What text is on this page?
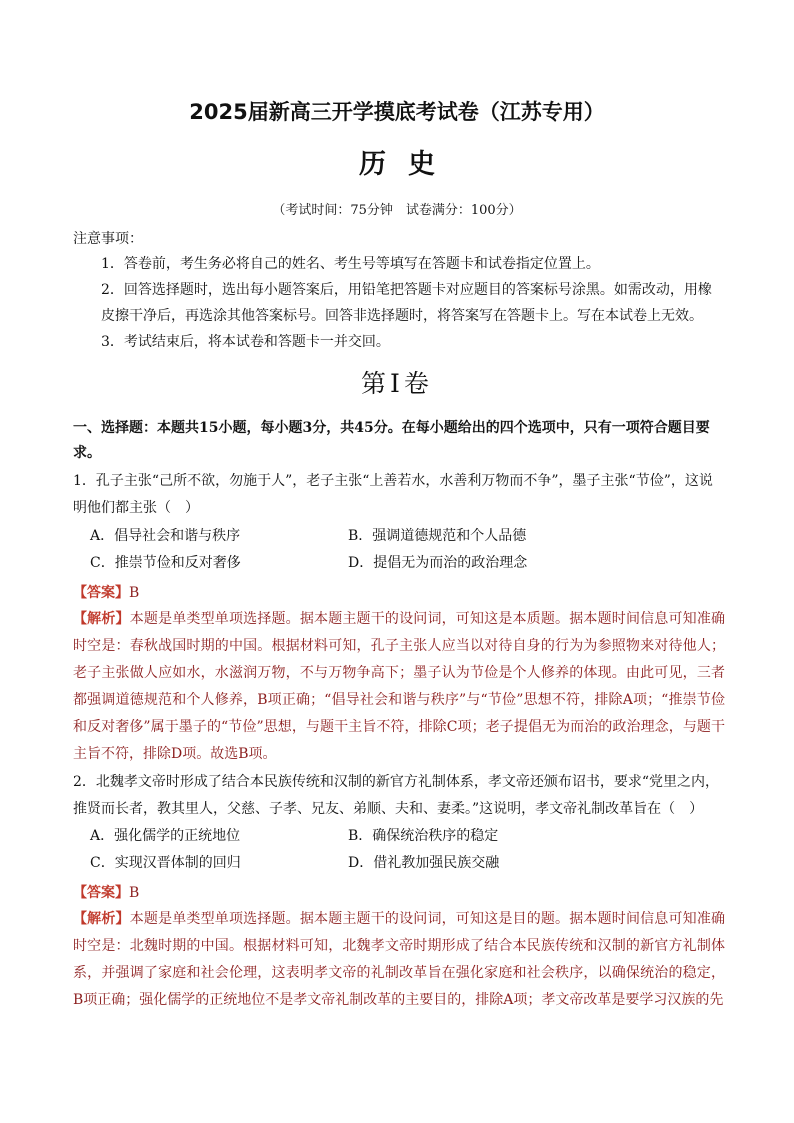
2025届新高三开学摸底考试卷（江苏专用）
历史
（考试时间：75分钟　试卷满分：100分）
注意事项：
1．答卷前，考生务必将自己的姓名、考生号等填写在答题卡和试卷指定位置上。
2．回答选择题时，选出每小题答案后，用铅笔把答题卡对应题目的答案标号涂黑。如需改动，用橡皮擦干净后，再选涂其他答案标号。回答非选择题时，将答案写在答题卡上。写在本试卷上无效。
3．考试结束后，将本试卷和答题卡一并交回。
第Ⅰ卷
一、选择题：本题共15小题，每小题3分，共45分。在每小题给出的四个选项中，只有一项符合题目要求。
1．孔子主张“己所不欲，勿施于人”，老子主张“上善若水，水善利万物而不争”，墨子主张“节俭”，这说明他们都主张（　）
A．倡导社会和谐与秩序	B．强调道德规范和个人品德
C．推崇节俭和反对奢侈	D．提倡无为而治的政治理念
【答案】B
【解析】本题是单类型单项选择题。据本题主题干的设问词，可知这是本质题。据本题时间信息可知准确时空是：春秋战国时期的中国。根据材料可知，孔子主张人应当以对待自身的行为为参照物来对待他人；老子主张做人应如水，水滋润万物，不与万物争高下；墨子认为节俭是个人修养的体现。由此可见，三者都强调道德规范和个人修养，B项正确；“倡导社会和谐与秩序”与“节俭”思想不符，排除A项；“推崇节俭和反对奢侈”属于墨子的“节俭”思想，与题干主旨不符，排除C项；老子提倡无为而治的政治理念，与题干主旨不符，排除D项。故选B项。
2．北魏孝文帝时形成了结合本民族传统和汉制的新官方礼制体系，孝文帝还颁布诏书，要求“党里之内，推贤而长者，教其里人，父慈、子孝、兄友、弟顺、夫和、妻柔。”这说明，孝文帝礼制改革旨在（　）
A．强化儒学的正统地位	B．确保统治秩序的稳定
C．实现汉晋体制的回归	D．借礼教加强民族交融
【答案】B
【解析】本题是单类型单项选择题。据本题主题干的设问词，可知这是目的题。据本题时间信息可知准确时空是：北魏时期的中国。根据材料可知，北魏孝文帝时期形成了结合本民族传统和汉制的新官方礼制体系，并强调了家庭和社会伦理，这表明孝文帝的礼制改革旨在强化家庭和社会秩序，以确保统治的稳定，B项正确；强化儒学的正统地位不是孝文帝礼制改革的主要目的，排除A项；孝文帝改革是要学习汉族的先
